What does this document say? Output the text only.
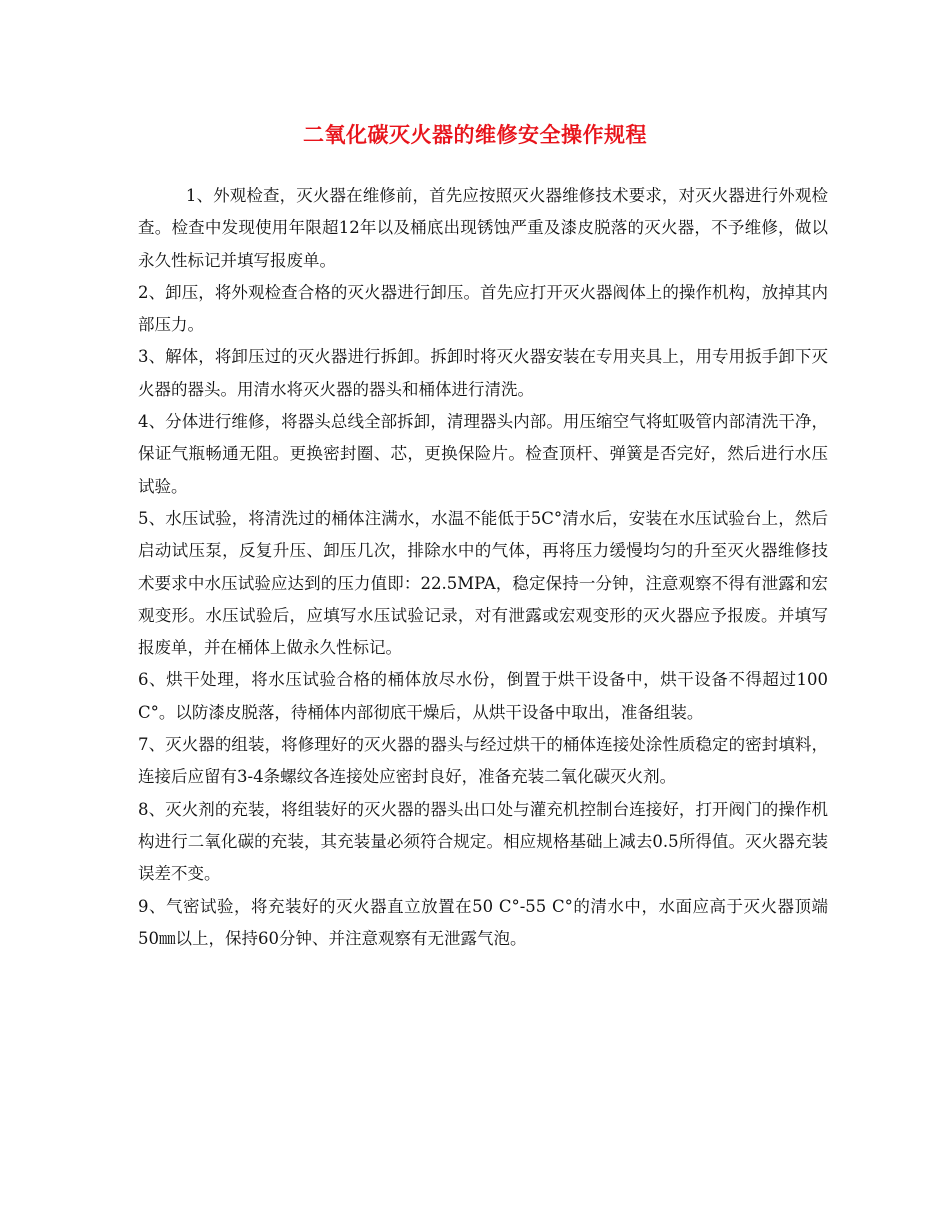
二氧化碳灭火器的维修安全操作规程

1、外观检查，灭火器在维修前，首先应按照灭火器维修技术要求，对灭火器进行外观检查。检查中发现使用年限超12年以及桶底出现锈蚀严重及漆皮脱落的灭火器，不予维修，做以永久性标记并填写报废单。

2、卸压，将外观检查合格的灭火器进行卸压。首先应打开灭火器阀体上的操作机构，放掉其内部压力。

3、解体，将卸压过的灭火器进行拆卸。拆卸时将灭火器安装在专用夹具上，用专用扳手卸下灭火器的器头。用清水将灭火器的器头和桶体进行清洗。

4、分体进行维修，将器头总线全部拆卸，清理器头内部。用压缩空气将虹吸管内部清洗干净，保证气瓶畅通无阻。更换密封圈、芯，更换保险片。检查顶杆、弹簧是否完好，然后进行水压试验。

5、水压试验，将清洗过的桶体注满水，水温不能低于5C°清水后，安装在水压试验台上，然后启动试压泵，反复升压、卸压几次，排除水中的气体，再将压力缓慢均匀的升至灭火器维修技术要求中水压试验应达到的压力值即：22.5MPA，稳定保持一分钟，注意观察不得有泄露和宏观变形。水压试验后，应填写水压试验记录，对有泄露或宏观变形的灭火器应予报废。并填写报废单，并在桶体上做永久性标记。

6、烘干处理，将水压试验合格的桶体放尽水份，倒置于烘干设备中，烘干设备不得超过100 C°。以防漆皮脱落，待桶体内部彻底干燥后，从烘干设备中取出，准备组装。

7、灭火器的组装，将修理好的灭火器的器头与经过烘干的桶体连接处涂性质稳定的密封填料，连接后应留有3-4条螺纹各连接处应密封良好，准备充装二氧化碳灭火剂。

8、灭火剂的充装，将组装好的灭火器的器头出口处与灌充机控制台连接好，打开阀门的操作机构进行二氧化碳的充装，其充装量必须符合规定。相应规格基础上减去0.5所得值。灭火器充装误差不变。

9、气密试验，将充装好的灭火器直立放置在50 C°-55 C°的清水中，水面应高于灭火器顶端50㎜以上，保持60分钟、并注意观察有无泄露气泡。
